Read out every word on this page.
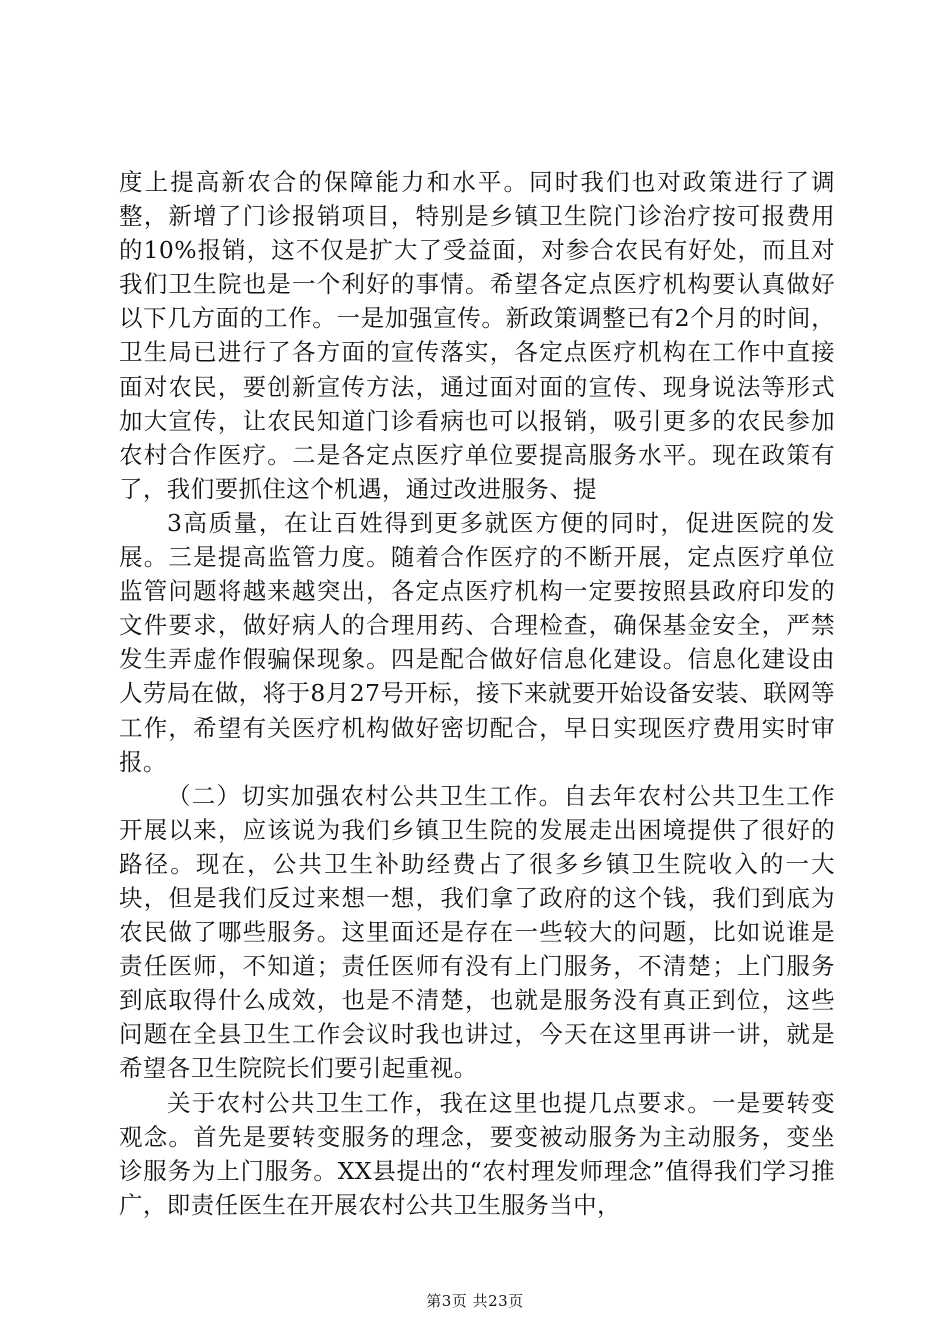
度上提高新农合的保障能力和水平。同时我们也对政策进行了调整，新增了门诊报销项目，特别是乡镇卫生院门诊治疗按可报费用的10%报销，这不仅是扩大了受益面，对参合农民有好处，而且对我们卫生院也是一个利好的事情。希望各定点医疗机构要认真做好以下几方面的工作。一是加强宣传。新政策调整已有2个月的时间，卫生局已进行了各方面的宣传落实，各定点医疗机构在工作中直接面对农民，要创新宣传方法，通过面对面的宣传、现身说法等形式加大宣传，让农民知道门诊看病也可以报销，吸引更多的农民参加农村合作医疗。二是各定点医疗单位要提高服务水平。现在政策有了，我们要抓住这个机遇，通过改进服务、提

3高质量，在让百姓得到更多就医方便的同时，促进医院的发展。三是提高监管力度。随着合作医疗的不断开展，定点医疗单位监管问题将越来越突出，各定点医疗机构一定要按照县政府印发的文件要求，做好病人的合理用药、合理检查，确保基金安全，严禁发生弄虚作假骗保现象。四是配合做好信息化建设。信息化建设由人劳局在做，将于8月27号开标，接下来就要开始设备安装、联网等工作，希望有关医疗机构做好密切配合，早日实现医疗费用实时审报。

（二）切实加强农村公共卫生工作。自去年农村公共卫生工作开展以来，应该说为我们乡镇卫生院的发展走出困境提供了很好的路径。现在，公共卫生补助经费占了很多乡镇卫生院收入的一大块，但是我们反过来想一想，我们拿了政府的这个钱，我们到底为农民做了哪些服务。这里面还是存在一些较大的问题，比如说谁是责任医师，不知道；责任医师有没有上门服务，不清楚；上门服务到底取得什么成效，也是不清楚，也就是服务没有真正到位，这些问题在全县卫生工作会议时我也讲过，今天在这里再讲一讲，就是希望各卫生院院长们要引起重视。

关于农村公共卫生工作，我在这里也提几点要求。一是要转变观念。首先是要转变服务的理念，要变被动服务为主动服务，变坐诊服务为上门服务。XX县提出的“农村理发师理念”值得我们学习推广，即责任医生在开展农村公共卫生服务当中，

第3页 共23页
